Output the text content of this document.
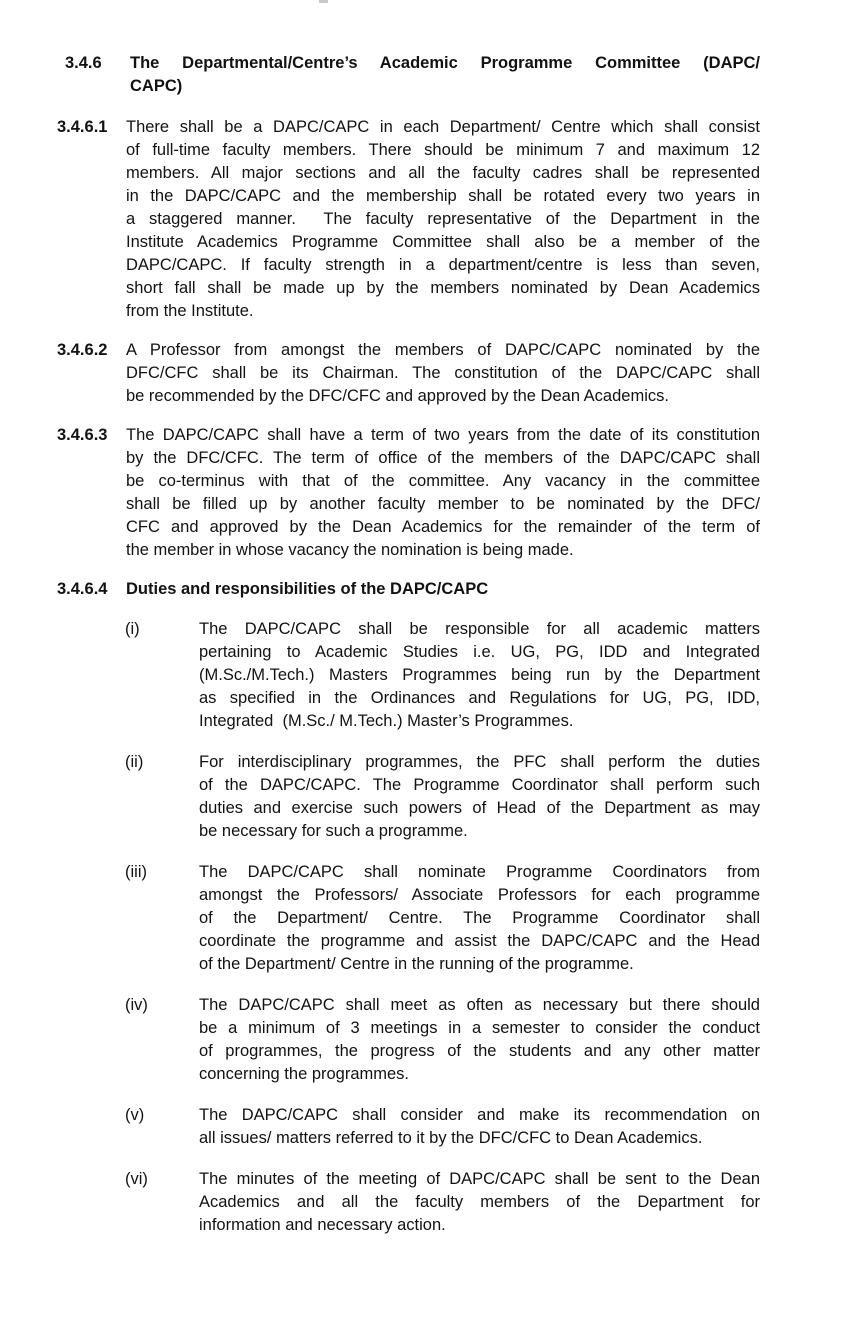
3.4.6 The Departmental/Centre’s Academic Programme Committee (DAPC/
CAPC)
3.4.6.1 There shall be a DAPC/CAPC in each Department/ Centre which shall consist
of full-time faculty members. There should be minimum 7 and maximum 12
members. All major sections and all the faculty cadres shall be represented
in the DAPC/CAPC and the membership shall be rotated every two years in
a staggered manner.  The faculty representative of the Department in the
Institute Academics Programme Committee shall also be a member of the
DAPC/CAPC. If faculty strength in a department/centre is less than seven,
short fall shall be made up by the members nominated by Dean Academics
from the Institute.
3.4.6.2 A Professor from amongst the members of DAPC/CAPC nominated by the
DFC/CFC shall be its Chairman. The constitution of the DAPC/CAPC shall
be recommended by the DFC/CFC and approved by the Dean Academics.
3.4.6.3 The DAPC/CAPC shall have a term of two years from the date of its constitution
by the DFC/CFC. The term of office of the members of the DAPC/CAPC shall
be co-terminus with that of the committee. Any vacancy in the committee
shall be filled up by another faculty member to be nominated by the DFC/
CFC and approved by the Dean Academics for the remainder of the term of
the member in whose vacancy the nomination is being made.
3.4.6.4 Duties and responsibilities of the DAPC/CAPC
(i)	The DAPC/CAPC shall be responsible for all academic matters
pertaining to Academic Studies i.e. UG, PG, IDD and Integrated
(M.Sc./M.Tech.) Masters Programmes being run by the Department
as specified in the Ordinances and Regulations for UG, PG, IDD,
Integrated  (M.Sc./ M.Tech.) Master’s Programmes.
(ii)	For interdisciplinary programmes, the PFC shall perform the duties
of the DAPC/CAPC. The Programme Coordinator shall perform such
duties and exercise such powers of Head of the Department as may
be necessary for such a programme.
(iii)	The DAPC/CAPC shall nominate Programme Coordinators from
amongst the Professors/ Associate Professors for each programme
of the Department/ Centre. The Programme Coordinator shall
coordinate the programme and assist the DAPC/CAPC and the Head
of the Department/ Centre in the running of the programme.
(iv)	The DAPC/CAPC shall meet as often as necessary but there should
be a minimum of 3 meetings in a semester to consider the conduct
of programmes, the progress of the students and any other matter
concerning the programmes.
(v)	The DAPC/CAPC shall consider and make its recommendation on
all issues/ matters referred to it by the DFC/CFC to Dean Academics.
(vi)	The minutes of the meeting of DAPC/CAPC shall be sent to the Dean
Academics and all the faculty members of the Department for
information and necessary action.
